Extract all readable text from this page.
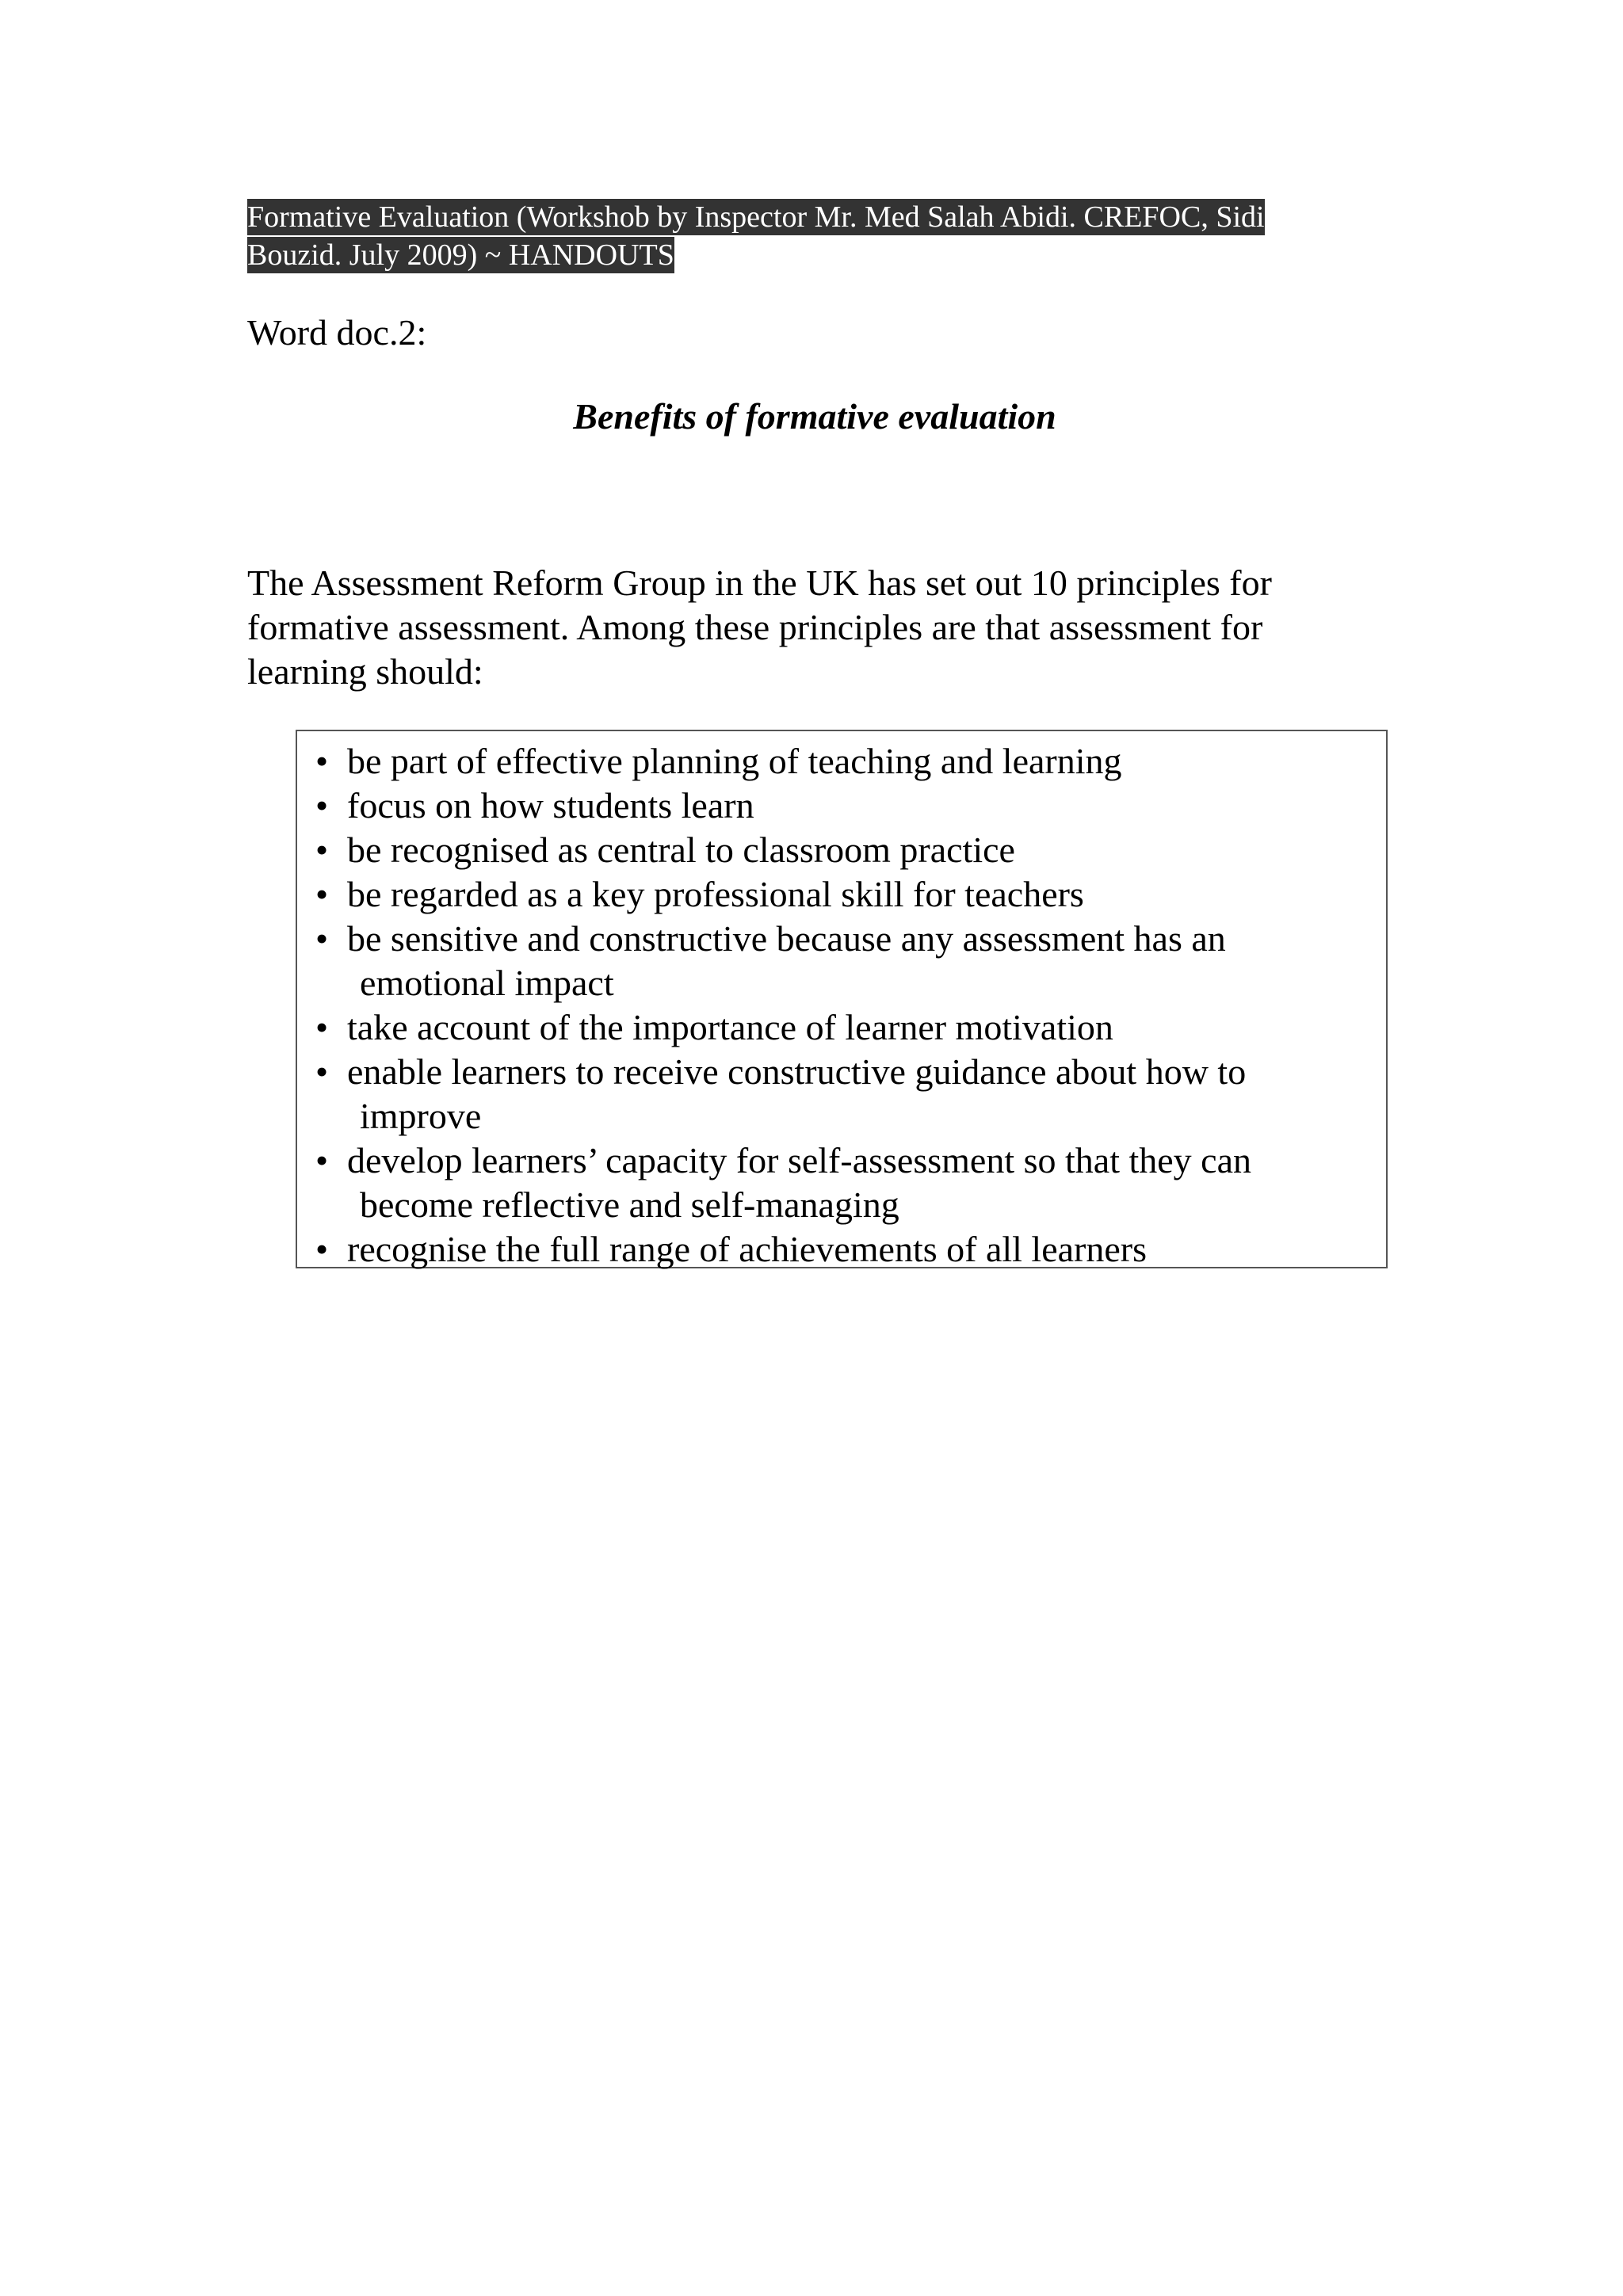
Formative Evaluation (Workshob by Inspector Mr. Med Salah Abidi. CREFOC, Sidi
Bouzid. July 2009) ~ HANDOUTS
Word doc.2:
Benefits of formative evaluation
The Assessment Reform Group in the UK has set out 10 principles for
formative assessment. Among these principles are that assessment for
learning should:
• be part of effective planning of teaching and learning
• focus on how students learn
• be recognised as central to classroom practice
• be regarded as a key professional skill for teachers
• be sensitive and constructive because any assessment has an
emotional impact
• take account of the importance of learner motivation
• enable learners to receive constructive guidance about how to
improve
• develop learners’ capacity for self-assessment so that they can
become reflective and self-managing
• recognise the full range of achievements of all learners
